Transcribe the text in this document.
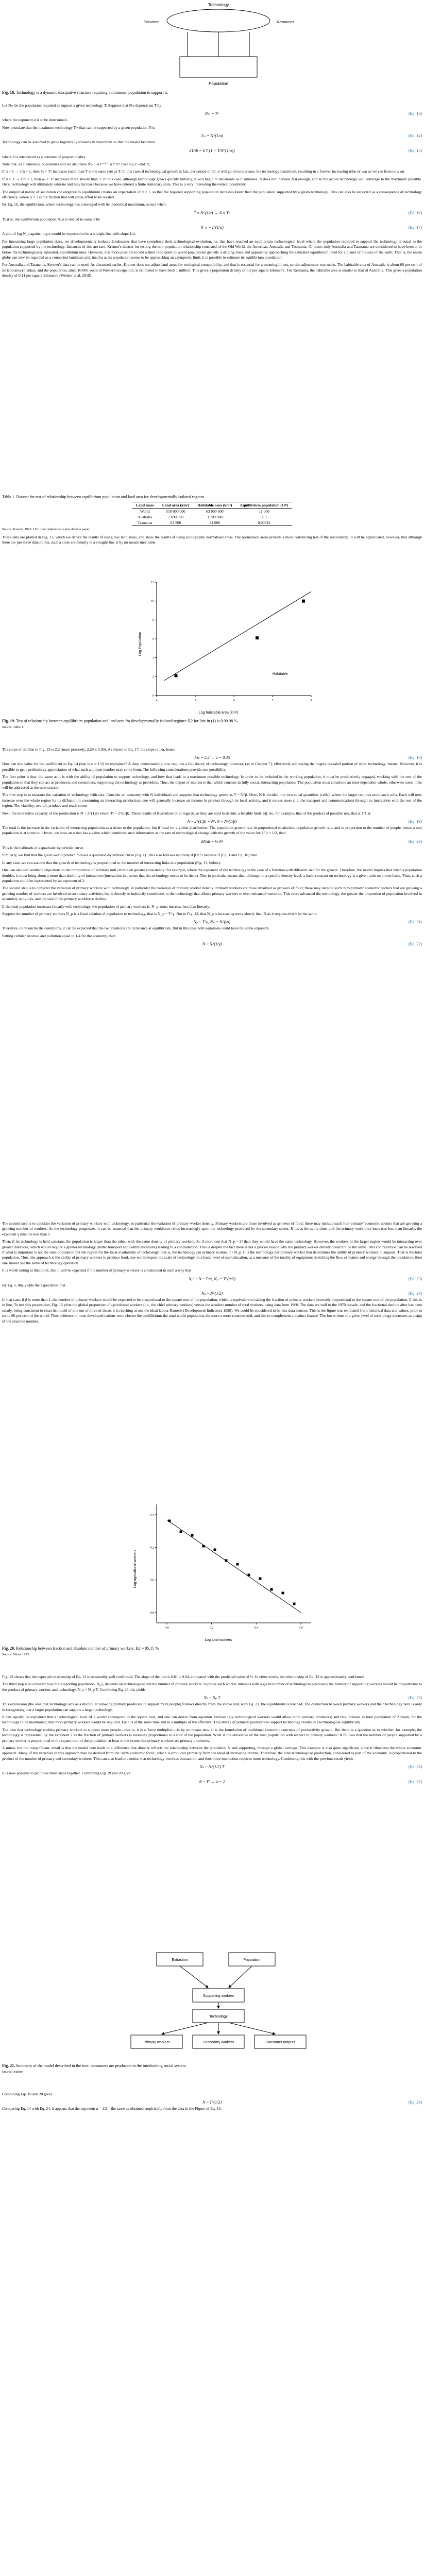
Technology
Population
Extinction	Resources
Fig. 18. Technology is a dynamic dissipative structure requiring a minimum population to support it.

Let Nₘ be the population required to support a given technology T. Suppose that Nₘ depends on T by

Nₘ = Tᵅ	(Eq. 13)

where the exponent α is to be determined.

Now postulate that the maximum technology Tₘ that can be supported by a given population N is

Tₘ = N^(1/α)	(Eq. 14)

Technology can be assumed to grow logistically towards its maximum so that the model becomes

dT/dt = δ T (1 − T/N^(1/α))	(Eq. 15)

where δ is introduced as a constant of proportionality.

Note that, as T saturates, N saturates and we also have Ṅₘ ~ δTᵅ⁻¹ ~ αTᵅ/Tᵅ (See Eq 15 and 7).

If α < 1 → 1/α > 1, then δₙ < Tᵅ increases faster than T at the same rate as T. In this case, if technological growth is fast, per period of all, it will go on to increase, the technology maximum, resulting in a forever increasing tribe or war as we see from now on.

If α > 1 → 1/α < 1, then δₙ > Tᵅ increases more slowly than T. In this case, although technology grows quickly initially, it will begin to decelerate as it saturates. It does not increase fast enough, and so the actual technology will converge to the maximum possible. Here, technology will ultimately saturate and may increase because we have entered a finite stationary state. This is a very interesting theoretical possibility.

The empirical nature of saturation convergence to equilibrium creates an expectation of α < 1, so that the required supporting population increases faster than the population supported by a given technology. This can also be expected as a consequence of technology efficiency, where α < 1 is not friction that will cause effort to be wasted.

By Eq. 16, the equilibrium, where technology has converged with its theoretical maximum, occurs when:

T ≈ N^(1/α) → N ≈ Tᵅ	(Eq. 16)

That is, the equilibrium population N_e is related to some z by

N_e = z^(1/α)	(Eq. 17)

A plot of log N_e against log z would be expected to be a straight line with slope 1/α.

For interacting large population sizes, we developmentally isolated landmasses that have completed their technological evolution, i.e. that have reached an equilibrium technological level where the population required to support the technology is equal to the population supported by the technology. Instances of this are rare. Kremer's dataset for testing the non-population relationship consisted of the Old World, the Americas, Australia and Tasmania. Of these, only Australia and Tasmania are considered to have been at or below the technologically saturated, equilibrium ones. However, it is more possible to add a third time point to world populations growth: a driving force and apparently approaching the saturated equilibrium level for a planet of the size of the earth. That is, the entire globe can now be regarded as a connected landmass and, insofar as its population seems to be approaching an asymptotic limit, it is possible to estimate its equilibrium population.

For Australia and Tasmania, Kremer's data can be used. As discussed earlier, Kremer does not adjust land areas for ecological compatibility, and that is essential for a meaningful test, so this adjustment was made. The habitable area of Australia is about 60 per cent of its land area (Pianka), and the population, since 10 000 years of Western occupation, is estimated to have been 1 million. This gives a population density of 0.2 per square kilometre. For Tasmania, the habitable area is similar to that of Australia. This gives a population density of 0.11 per square kilometre (Weisler et al. 2019).

Table 1. Dataset for test of relationship between equilibrium population and land area for developmentally isolated regions
Land mass	Land area (km²)	Habitable area (km²)	Equilibrium population (10⁶)
World	510 000 000	63 000 000	11 000
Australia	7 690 000	3 700 000	1.3
Tasmania	64 500	34 000	0.00012
Source: Kremer 1993. 11b: other adjustments described in paper.

These data are plotted in Fig. 13, which we derive the results of using raw land areas, and show the results of using ecologically normalised areas. The normalised areas provide a more convincing test of the relationship. It will be appreciated, however, that although there are just three data points, such a close conformity to a straight line is by no means inevitable.

12
10
8
6
4
2
0
4	5	6	7	8
Log Population
Log habitable area (km²)
Habitable
Fig. 19. Test of relationship between equilibrium population and land area for developmentally isolated regions: R2 for line in (1) is 0.99 98 %
Source: Table 1.

The slope of the line in Fig. 13 is 2.2 (more precisely, 2.20 ± 0.03). As shown in Eq. 17, the slope is 1/α, hence

1/α = 2.2 → α = 0.45	(Eq. 18)

How can this value for the coefficient in Eq. 14 (that is α ≈ 1/2) be explained? A deep understanding now requires a full theory of technology, however, (as in Chapter 7), effectively addressing the hugely revealed portion of what 'technology' means. However, it is possible to get a preliminary appreciation of what such a unique number may come from. The following considerations provide one possibility.

The first point is that, the same as it is with the ability of population to support technology, and how that leads to a maximum possible technology. In order to be included in the working population, it must be productively engaged, working with the rest of the population so that they can act as producers and consumers, supporting the technology as providers. Thus, the output of interest is that which consists in fully social, interacting population. The population must constitute an inter-dependent whole, otherwise some links will be addressed at the next section.

The first step is to measure the variation of technology with size. Consider an economy with N individuals and suppose that technology grows as T ~ N^β. Here, N is divided into two equal quantities (cells), where the larger requires more such cells. Each will now increase over the whole region by its diffusion in consuming an interacting production, one will generally increase an income in product through its local activity, and it moves more (i.e. the transport and communication) through its interaction with the rest of the region. The viability, overall, produce and reach some.

Next, the interactive capacity of the production is N ~ 2^(1/β) where Tᵅ ~ 2^(1/β). These results of Kuznetsov or at regards, as they are hard to decide, a feasible limit 1/β. So, for example, that of the product of possible use, that at 1/1 at.

N ~ 2^(1/β) = Nᵝ, N ~ N^(1/β)	(Eq. 19)

The total is the increase in the variation of interacting population as a dense to the population, but if local for a global distribution. The population growth rate in proportional to absolute population growth rate, and in proportion to the number of people, hence a unit population is at some no. Hence, we have an α that has a value which combines such information as the rate of technological change with the growth of the value for: If β = 1/2, then

dN/dt = ½ N²	(Eq. 20)

This is the hallmark of a quadratic hyperbolic curve.

Similarly, we find that the given world product follows a quadratic-hyperbolic curve (Eq. 1). This also follows naturally if β = ½ because if (Eq. 1 and Eq. 16) then

In any case, we can assume that the growth of technology is proportional to the number of interacting links in a population (Fig. 13, below).

One can also test aesthetic objections to the introduction of arbitrary null criteria on greater consistency: for example, where the exponent of the technology in the case of a function with different size for the growth. Therefore, the model implies that when a population doubles, it must bring about a more than doubling of interaction (interaction in a sense that the technology needs to be there). This in particular means that, although to a specific density level, a basic constant on technology is a given ratio on a time basis. Thus, such a population could be represented by an exponent of 2.

The second step is to consider the variation of primary workers with technology, in particular the variation of primary worker density. Primary workers are those involved as growers of food; these may include such 'non-primary' economic sectors that are growing a growing number of workers are involved in secondary activities, but it directly or indirectly contributes to the technology that allows primary workers to even enhanced variation. This more advanced the technology, the greater the proportion of population involved in secondary activities, and the size of the primary workforce decline.

If the total population increases linearly with technology, the population of primary workers is, N_p, must increase less than linearly.

Suppose the number of primary workers N_p is a fixed relation of population to technology, that is N_p ~ T^γ. Not to Fig. 12, that N_p is increasing more slowly than N as it requires that γ be the same.

Nₚ ~ T^γ, Nₚ = N^(γα)	(Eq. 21)

Therefore, to reconcile the conditions, it can be expected that the two relations are in balance at equilibrium. But in this case both equations could have the same exponent.

Setting cellular revenue and pollution equal to 1/4 for the economy, then

N ~ N^(1/γ)	(Eq. 22)

The second step is to consider the variation of primary workers with technology, in particular the variation of primary worker density. Primary workers are those involved as growers of food; these may include such 'non-primary' economic sectors that are growing a growing number of workers. As the technology progresses, it can be assumed that the primary workforce relies increasingly upon the technology produced by the secondary sector. If it's at the same time, and the primary workforce increases less than linearly, the exponent γ must be less than 1.

Then, if its technology is held constant, the population is larger than the other, with the same density of primary workers. So if more one that N_p ~ 2ᵅ than they would have the same technology. However, the workers in the larger region would be interacting over greater distances, which would require a greater technology (better transport and communications) leading to a contradiction. This is despite the fact there is not a precise reason why the primary worker density could not be the same. This contradiction can be resolved if what is important is not the total population but the region for the local availability of technology, that is, the technology per primary worker, T / N_p. It is the technology per primary worker that determines the ability of primary workers to support. That is the total population. Thus, the approach is the ability of primary workers to produce food, one would expect the scale of technology on a basic level of sophistication, as a measure of the totality of equipment stretching the flow of matter and energy through the population, then one should see the same of technology operation.

It is worth noting at this point, that it will be expected if the number of primary workers is constructed in such a way that

Nₚ² ~ N ~ T^α, Nₚ = T^(α/2)	(Eq. 23)

By Eq. 5, this yields the expectation that

Nₚ ~ N^(1/2)	(Eq. 24)

In that case, if β is more than 1, the number of primary workers would be expected to be proportional to the square root of the population, which is equivalent to raising the fraction of primary workers inversely proportional to the square root of the population. If this is in line, To test this proposition, Fig. 12 plots the global proportion of agricultural workers (i.e., the chief primary workers) versus the absolute number of total workers, using data from 1960. The data are well to the 1970 decade, and the fractional decline after has been steady, being consistent to chart its model of one out of three of those, it is reaching at one the ideal labour Ramesh (Development Indicators 1998). We could be considered to be less data sources. This is the figure was estimated from historical data and values, prior to some 60 per cent of the world. Thus evidence of most developed nations were closest the equilibrium: the total world population, the more a more concentrated, and this to complement a distinct feature. The lower time of a given level of technology decreases as a sign of the absolute number.

9.4
9.2
9.0
8.8
9.0	9.2	9.4	9.6
Log agricultural workers
Log total workers
Fig. 20. Relationship between fraction and absolute number of primary workers. R2 = 95.15 %
Source: Weiss 1973.

Fig. 12 shows that the expected relationship of Eq. 11 is reasonably well confirmed. The slope of the line is 0.61 ± 0.04, compared with the predicted value of ½. In other words, the relationship of Eq. 12 is approximately confirmed.

The third step is to consider how the supporting population, N_s, depends on technological and the number of primary workers. Suppose each worker interacts with a given number of technological processes; the number of supporting workers would be proportional to the product of primary workers and technology, N_s ~ N_p T. Combining Eq. 23 this yields

Nₛ ~ Nₚ T	(Eq. 25)

This expression (the idea that technology acts as a multiplier allowing primary producers to support more people) follows directly from the above and, with Eq. 21, the equilibrium is reached. The distinction between primary workers and their technology here is only in recognizing that a larger population can support a larger technology.

It can equally be explained that a technological level of 2 would correspond to the square root, and one can derive from equation. Increasingly technological workers would allow more primary producers; and this increase in total population of 2 mean, for the technology to be maintained, that more primary workers would be required. Each is at the same time and in a multiple of the effective. This ability of primary producers to support technology results in a technological equilibrium.

The idea that technology enables primary workers to support more people—that is, it is a 'force multiplier'—is by no means new. It is the foundation of traditional economic concepts of productivity growth. But there is a question as to whether, for example, the technology is represented by the exponent 2 as the fraction of primary workers is inversely proportional to a root of the population. What is the derivative of the total population with respect to primary workers? It follows that the number of people supported by a primary worker is proportional to the square root of the population, at least to the extent that primary workers are primary producers.

A minor, but not insignificant, detail is that the model here leads to a difference that directly reflects the relationship between the population N and supporting, through a global average. This example is also quite significant, since it illustrates the whole economic approach. Many of the variables in this approach may be derived from the 'sixth economic force', which is produced primarily from the ideal of increasing returns. Therefore, the total technological production, considered as part of the economy, is proportional to the product of the number of primary and secondary workers. This can also lead to a notion that technology involves interaction, and thus more interaction requires more technology. Combining this with the previous result yields

Nₛ ~ N^(1/2) T	(Eq. 26)

It is now possible to put these three steps together. Combining Eqs 19 and 20 give

N ~ T² → α = 2	(Eq. 27)
Extraction	Population
Supporting workers
Technology
Primary workers	Secondary workers	Consumer outputs
Fig. 21. Summary of the model described in the text: consumers are producers in the interlocking social system
Source: Author.

Combining Eqs 19 and 20 gives

N ~ T^(1/2)	(Eq. 28)

Comparing Eq. 14 with Eq. 24, it appears that the exponent α = 1/2—the same as obtained empirically from the data in the Figure of Eq. 13.
